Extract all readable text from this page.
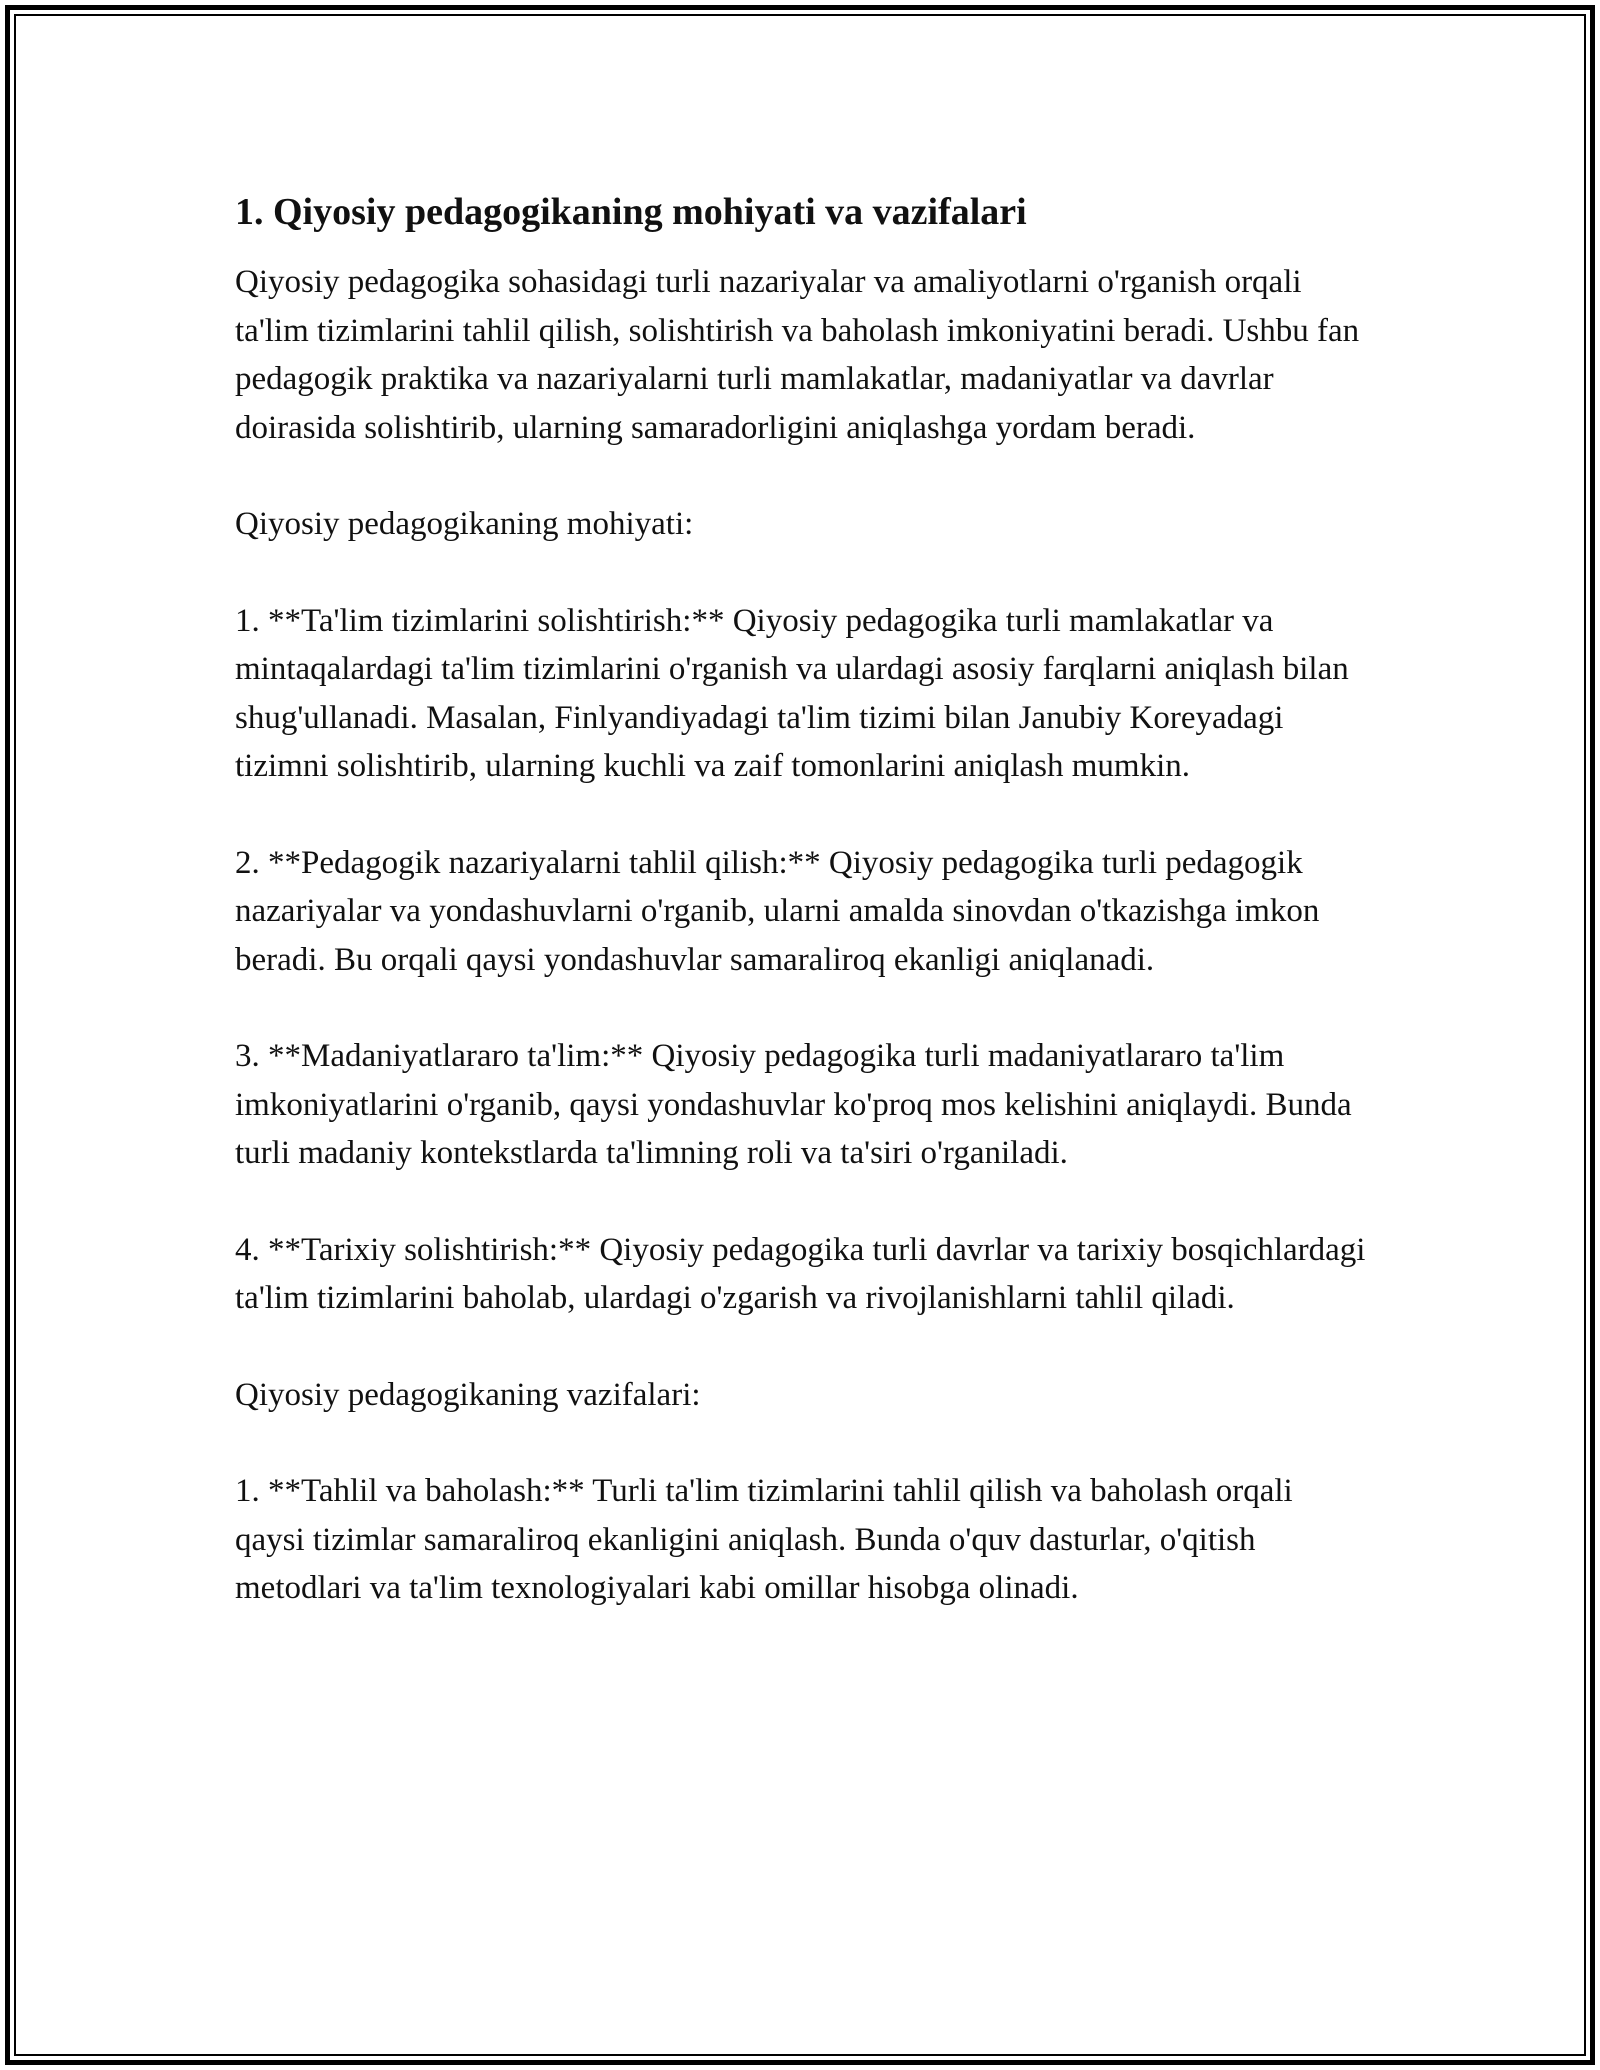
1. Qiyosiy pedagogikaning mohiyati va vazifalari

Qiyosiy pedagogika sohasidagi turli nazariyalar va amaliyotlarni o'rganish orqali ta'lim tizimlarini tahlil qilish, solishtirish va baholash imkoniyatini beradi. Ushbu fan pedagogik praktika va nazariyalarni turli mamlakatlar, madaniyatlar va davrlar doirasida solishtirib, ularning samaradorligini aniqlashga yordam beradi.

Qiyosiy pedagogikaning mohiyati:

1. **Ta'lim tizimlarini solishtirish:** Qiyosiy pedagogika turli mamlakatlar va mintaqalardagi ta'lim tizimlarini o'rganish va ulardagi asosiy farqlarni aniqlash bilan shug'ullanadi. Masalan, Finlyandiyadagi ta'lim tizimi bilan Janubiy Koreyadagi tizimni solishtirib, ularning kuchli va zaif tomonlarini aniqlash mumkin.

2. **Pedagogik nazariyalarni tahlil qilish:** Qiyosiy pedagogika turli pedagogik nazariyalar va yondashuvlarni o'rganib, ularni amalda sinovdan o'tkazishga imkon beradi. Bu orqali qaysi yondashuvlar samaraliroq ekanligi aniqlanadi.

3. **Madaniyatlararo ta'lim:** Qiyosiy pedagogika turli madaniyatlararo ta'lim imkoniyatlarini o'rganib, qaysi yondashuvlar ko'proq mos kelishini aniqlaydi. Bunda turli madaniy kontekstlarda ta'limning roli va ta'siri o'rganiladi.

4. **Tarixiy solishtirish:** Qiyosiy pedagogika turli davrlar va tarixiy bosqichlardagi ta'lim tizimlarini baholab, ulardagi o'zgarish va rivojlanishlarni tahlil qiladi.

Qiyosiy pedagogikaning vazifalari:

1. **Tahlil va baholash:** Turli ta'lim tizimlarini tahlil qilish va baholash orqali qaysi tizimlar samaraliroq ekanligini aniqlash. Bunda o'quv dasturlar, o'qitish metodlari va ta'lim texnologiyalari kabi omillar hisobga olinadi.
